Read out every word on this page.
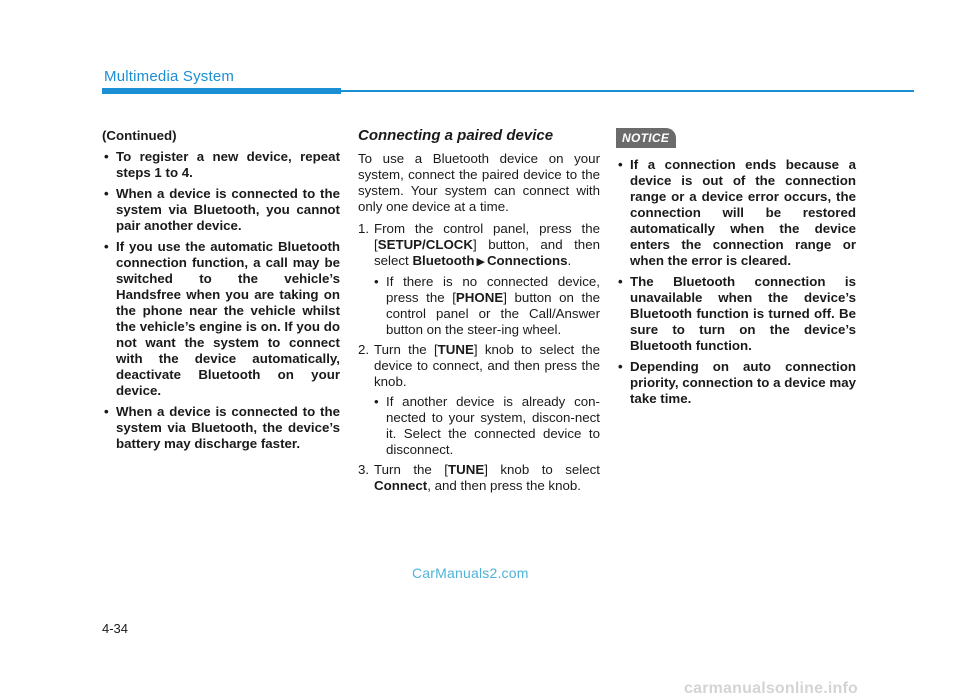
Multimedia System

(Continued)

• To register a new device, repeat steps 1 to 4.
• When a device is connected to the system via Bluetooth, you cannot pair another device.
• If you use the automatic Bluetooth connection function, a call may be switched to the vehicle’s Handsfree when you are taking on the phone near the vehicle whilst the vehicle’s engine is on. If you do not want the system to connect with the device automatically, deactivate Bluetooth on your device.
• When a device is connected to the system via Bluetooth, the device’s battery may discharge faster.
Connecting a paired device

To use a Bluetooth device on your system, connect the paired device to the system. Your system can connect with only one device at a time.

1. From the control panel, press the [SETUP/CLOCK] button, and then select Bluetooth ▶ Connections.
• If there is no connected device, press the [PHONE] button on the control panel or the Call/Answer button on the steer-ing wheel.
2. Turn the [TUNE] knob to select the device to connect, and then press the knob.
• If another device is already con-nected to your system, discon-nect it. Select the connected device to disconnect.
3. Turn the [TUNE] knob to select Connect, and then press the knob.
NOTICE
• If a connection ends because a device is out of the connection range or a device error occurs, the connection will be restored automatically when the device enters the connection range or when the error is cleared.
• The Bluetooth connection is unavailable when the device’s Bluetooth function is turned off. Be sure to turn on the device’s Bluetooth function.
• Depending on auto connection priority, connection to a device may take time.
CarManuals2.com
4-34
carmanualsonline.info
